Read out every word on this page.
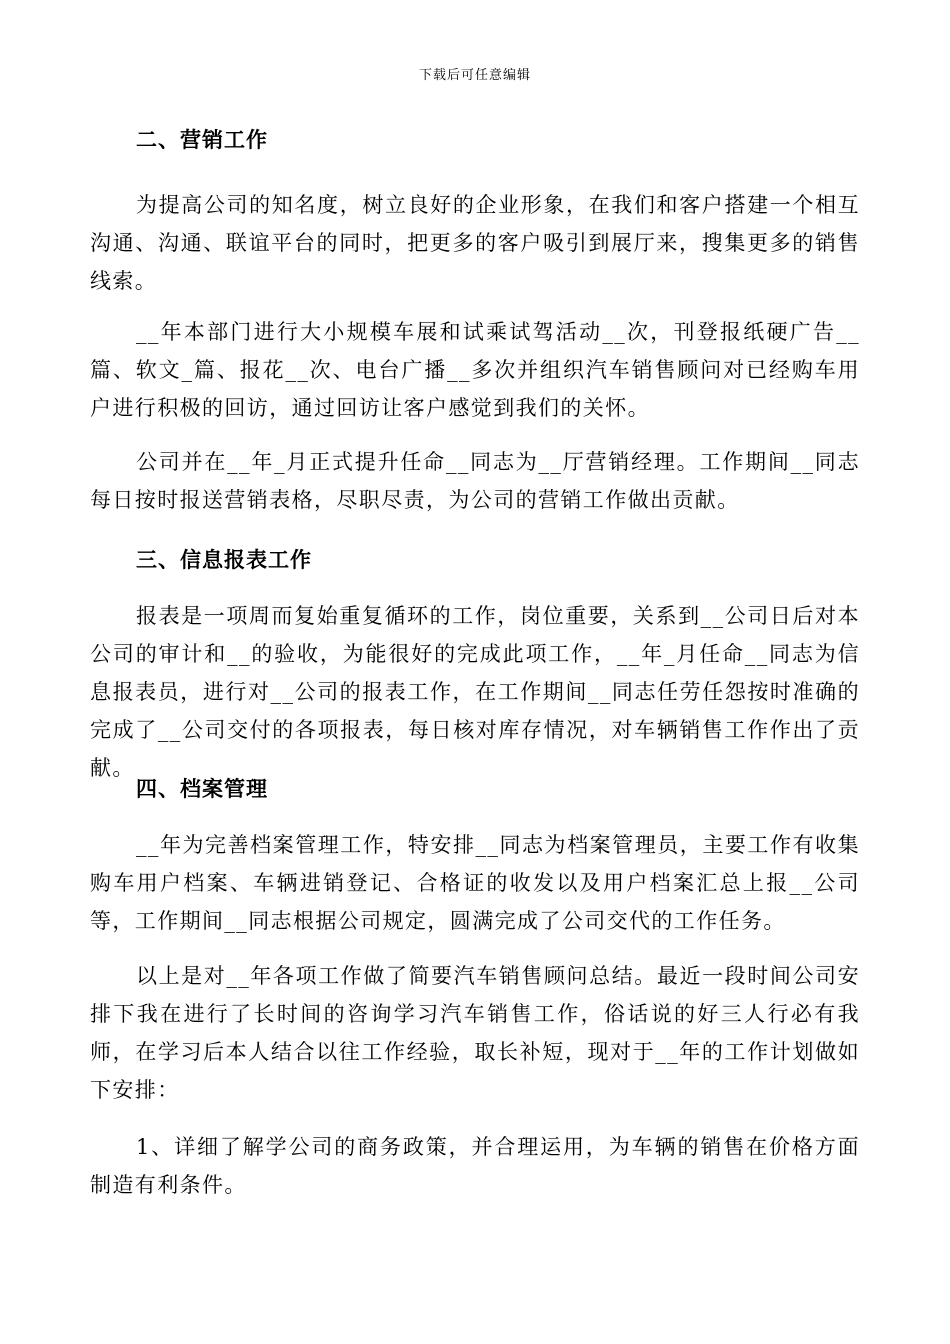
下载后可任意编辑
二、营销工作

为提高公司的知名度，树立良好的企业形象，在我们和客户搭建一个相互沟通、沟通、联谊平台的同时，把更多的客户吸引到展厅来，搜集更多的销售线索。

__年本部门进行大小规模车展和试乘试驾活动__次，刊登报纸硬广告__篇、软文_篇、报花__次、电台广播__多次并组织汽车销售顾问对已经购车用户进行积极的回访，通过回访让客户感觉到我们的关怀。

公司并在__年_月正式提升任命__同志为__厅营销经理。工作期间__同志每日按时报送营销表格，尽职尽责，为公司的营销工作做出贡献。

三、信息报表工作

报表是一项周而复始重复循环的工作，岗位重要，关系到__公司日后对本公司的审计和__的验收，为能很好的完成此项工作，__年_月任命__同志为信息报表员，进行对__公司的报表工作，在工作期间__同志任劳任怨按时准确的完成了__公司交付的各项报表，每日核对库存情况，对车辆销售工作作出了贡献。

四、档案管理

__年为完善档案管理工作，特安排__同志为档案管理员，主要工作有收集购车用户档案、车辆进销登记、合格证的收发以及用户档案汇总上报__公司等，工作期间__同志根据公司规定，圆满完成了公司交代的工作任务。

以上是对__年各项工作做了简要汽车销售顾问总结。最近一段时间公司安排下我在进行了长时间的咨询学习汽车销售工作，俗话说的好三人行必有我师，在学习后本人结合以往工作经验，取长补短，现对于__年的工作计划做如下安排：

1、详细了解学公司的商务政策，并合理运用，为车辆的销售在价格方面制造有利条件。
